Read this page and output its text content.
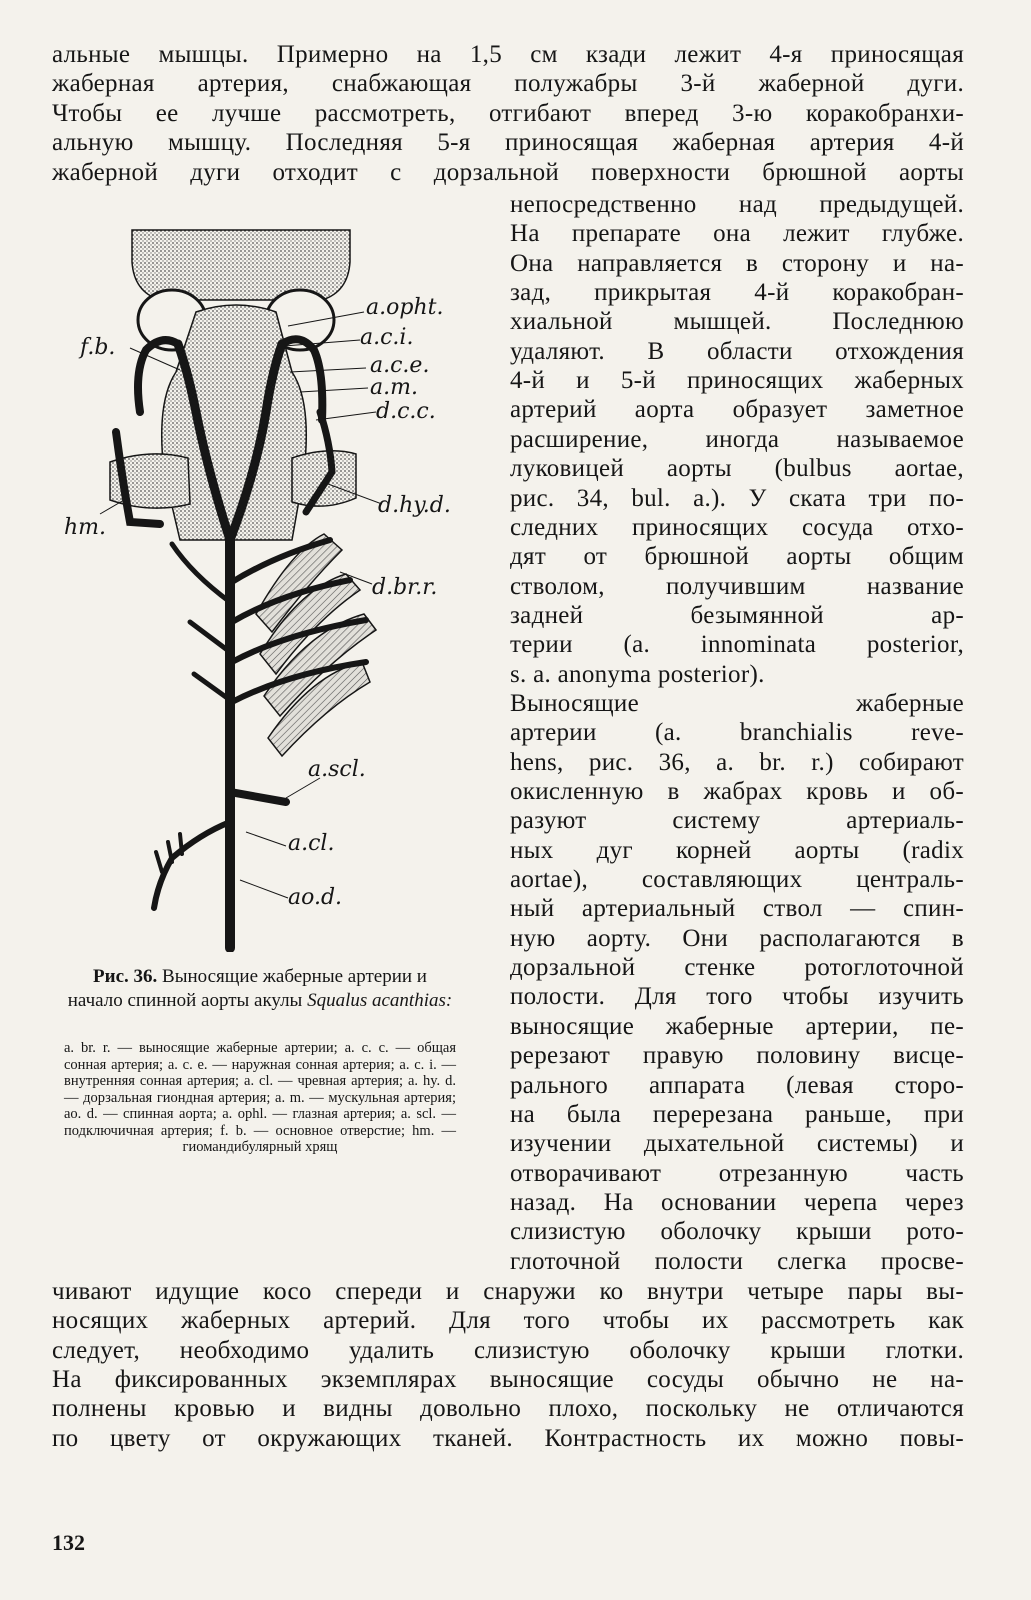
альные мышцы. Примерно на 1,5 см кзади лежит 4-я приносящая
жаберная артерия, снабжающая полужабры 3-й жаберной дуги.
Чтобы ее лучше рассмотреть, отгибают вперед 3-ю коракобранхи-
альную мышцу. Последняя 5-я приносящая жаберная артерия 4-й
жаберной дуги отходит с дорзальной поверхности брюшной аорты
непосредственно над предыдущей.
На препарате она лежит глубже.
Она направляется в сторону и на-
зад, прикрытая 4-й коракобран-
хиальной мышцей. Последнюю
удаляют. В области отхождения
4-й и 5-й приносящих жаберных
артерий аорта образует заметное
расширение, иногда называемое
луковицей аорты (bulbus aortae,
рис. 34, bul. a.). У ската три по-
следних приносящих сосуда отхо-
дят от брюшной аорты общим
стволом, получившим название
задней безымянной ар-
терии (a. innominata posterior,
s. a. anonyma posterior).
Выносящие жаберные
артерии (a. branchialis reve-
hens, рис. 36, a. br. r.) собирают
окисленную в жабрах кровь и об-
разуют систему артериаль-
ных дуг корней аорты (radix
aortae), составляющих централь-
ный артериальный ствол — спин-
ную аорту. Они располагаются в
дорзальной стенке ротоглоточной
полости. Для того чтобы изучить
выносящие жаберные артерии, пе-
ререзают правую половину висце-
рального аппарата (левая сторо-
на была перерезана раньше, при
изучении дыхательной системы) и
отворачивают отрезанную часть
назад. На основании черепа через
слизистую оболочку крыши рото-
глоточной полости слегка просве-
чивают идущие косо спереди и снаружи ко внутри четыре пары вы-
носящих жаберных артерий. Для того чтобы их рассмотреть как
следует, необходимо удалить слизистую оболочку крыши глотки.
На фиксированных экземплярах выносящие сосуды обычно не на-
полнены кровью и видны довольно плохо, поскольку не отличаются
по цвету от окружающих тканей. Контрастность их можно повы-
a.opht.
a.c.i.
a.c.e.
a.m.
d.c.c.
d.hy.d.
d.br.r.
a.scl.
a.cl.
ao.d.
f.b.
hm.
Рис. 36. Выносящие жаберные артерии и начало спинной аорты акулы Squalus acanthias:
a. br. r. — выносящие жаберные артерии; a. c. c. — общая сонная артерия; a. c. e. — наружная сонная артерия; a. c. i. — внутренняя сонная артерия; a. cl. — чревная артерия; a. hy. d. — дорзальная гиондная артерия; a. m. — мускульная артерия; ao. d. — спинная аорта; a. ophl. — глазная артерия; a. scl. — подключичная артерия; f. b. — основное отверстие; hm. — гиомандибулярный хрящ
132
